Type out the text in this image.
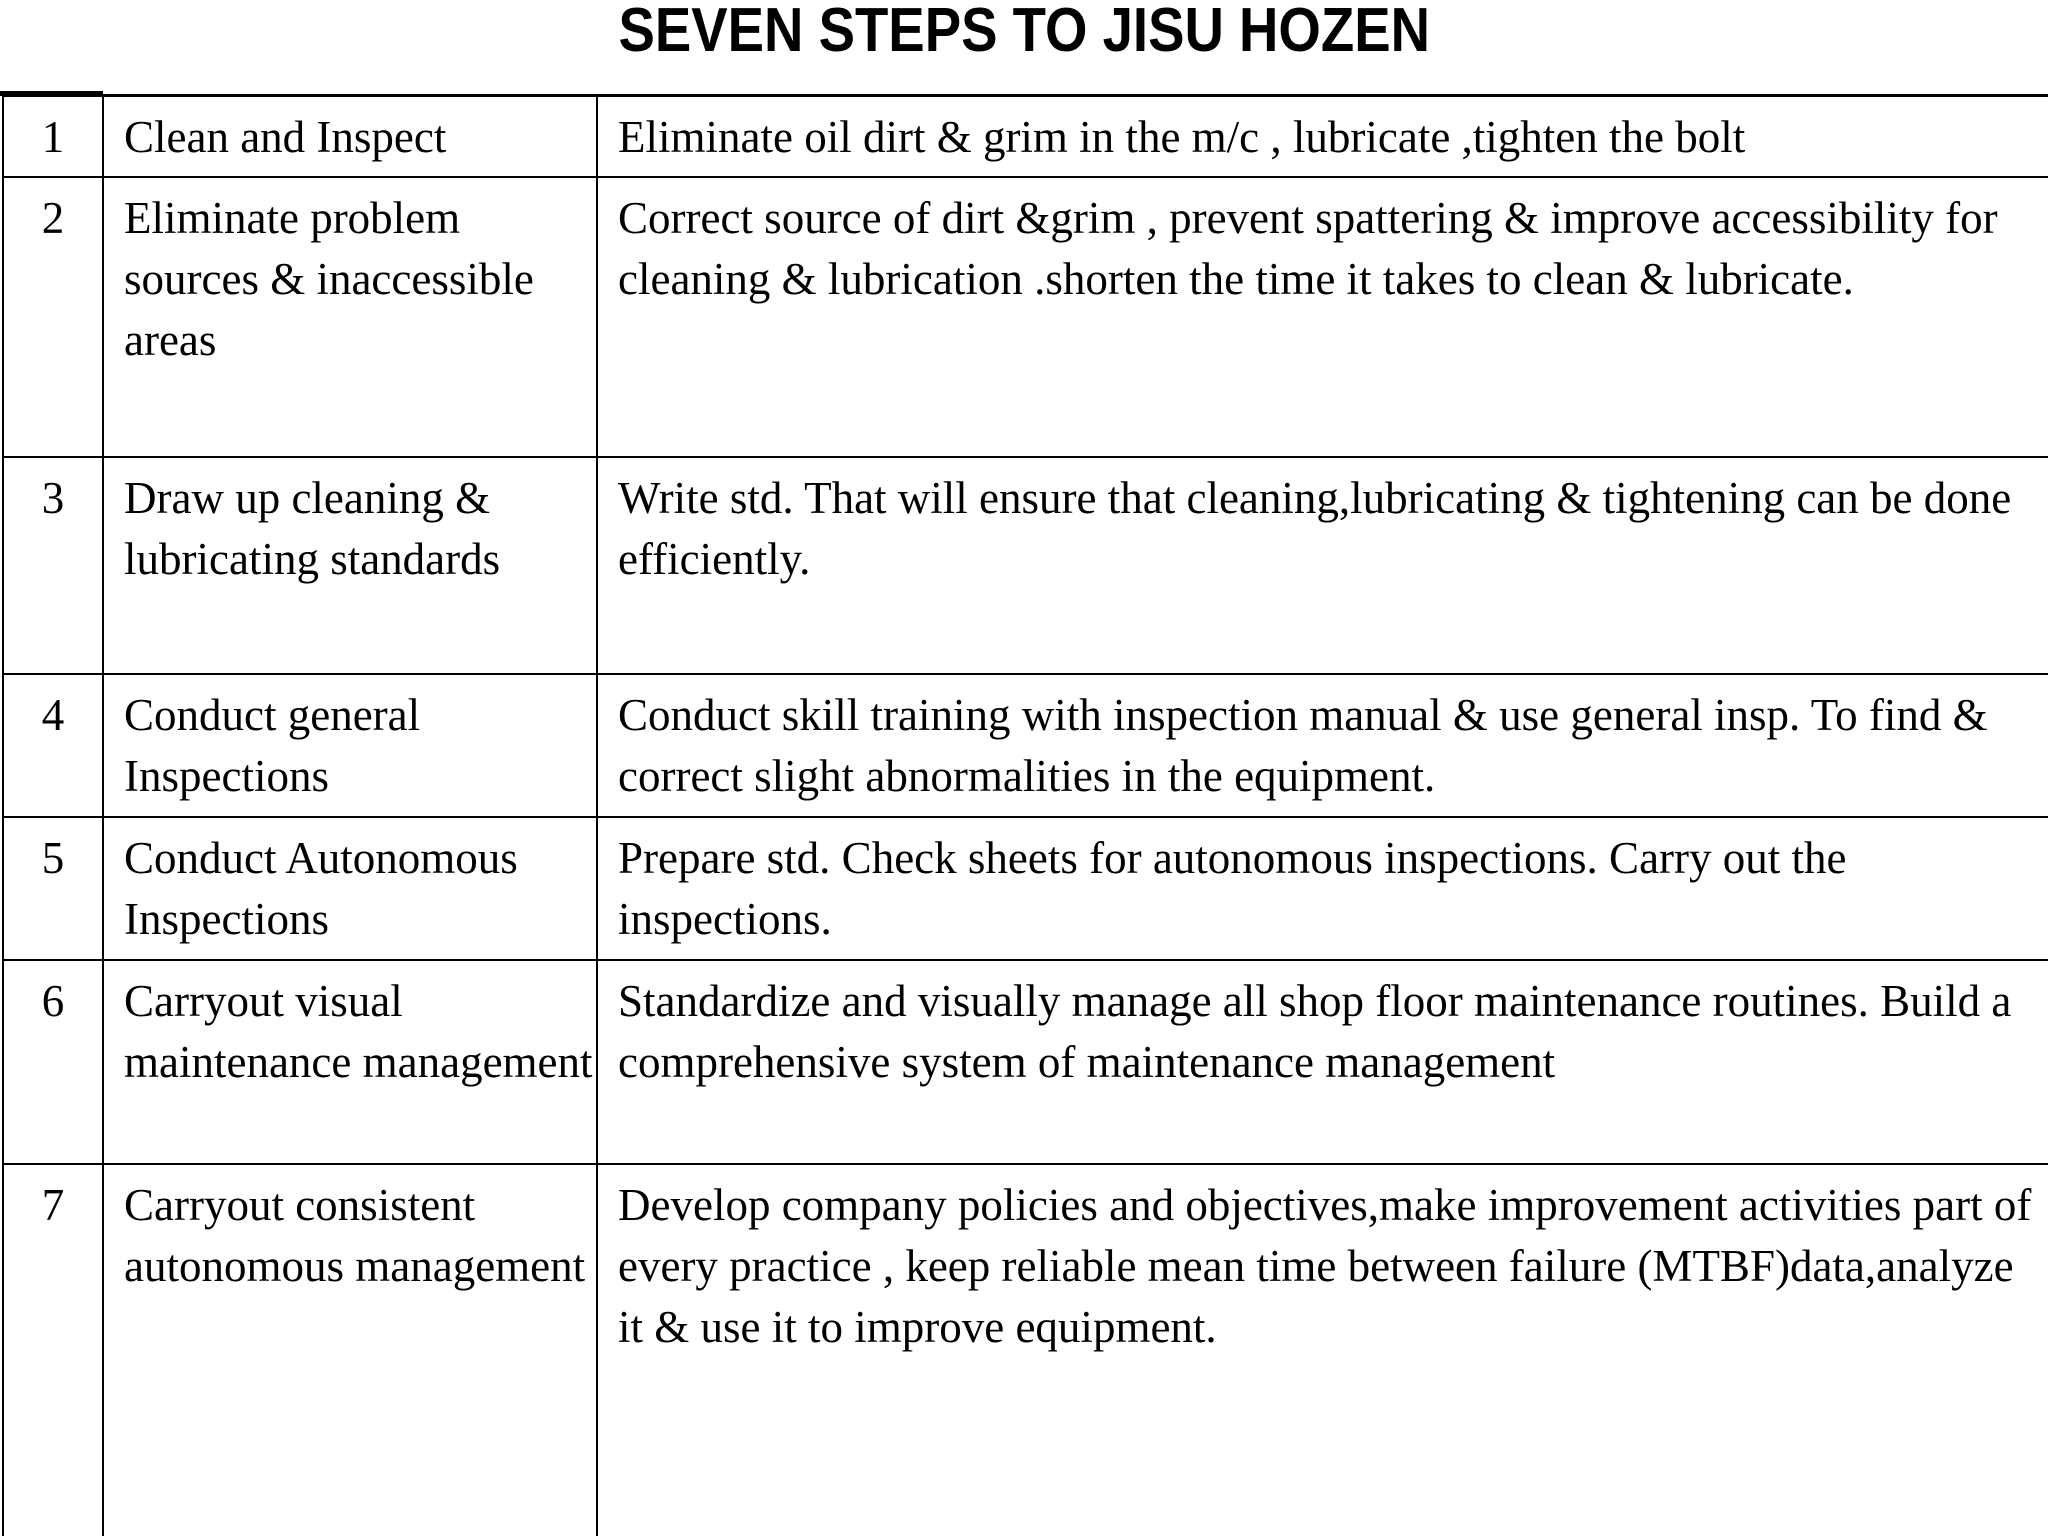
SEVEN STEPS TO JISU HOZEN
1	Clean and Inspect	Eliminate oil dirt & grim in the m/c , lubricate ,tighten the bolt
2	Eliminate problem sources & inaccessible areas	Correct source of dirt &grim , prevent spattering & improve accessibility for cleaning & lubrication .shorten the time it takes to clean & lubricate.
3	Draw up cleaning & lubricating standards	Write std. That will ensure that cleaning,lubricating & tightening can be done efficiently.
4	Conduct general Inspections	Conduct skill training with inspection manual & use general insp. To find & correct slight abnormalities in the equipment.
5	Conduct Autonomous Inspections	Prepare std. Check sheets for autonomous inspections. Carry out the inspections.
6	Carryout visual maintenance management	Standardize and visually manage all shop floor maintenance routines. Build a comprehensive system of maintenance management
7	Carryout consistent autonomous management	Develop company policies and objectives,make improvement activities part of every practice , keep reliable mean time between failure (MTBF)data,analyze it & use it to improve equipment.
